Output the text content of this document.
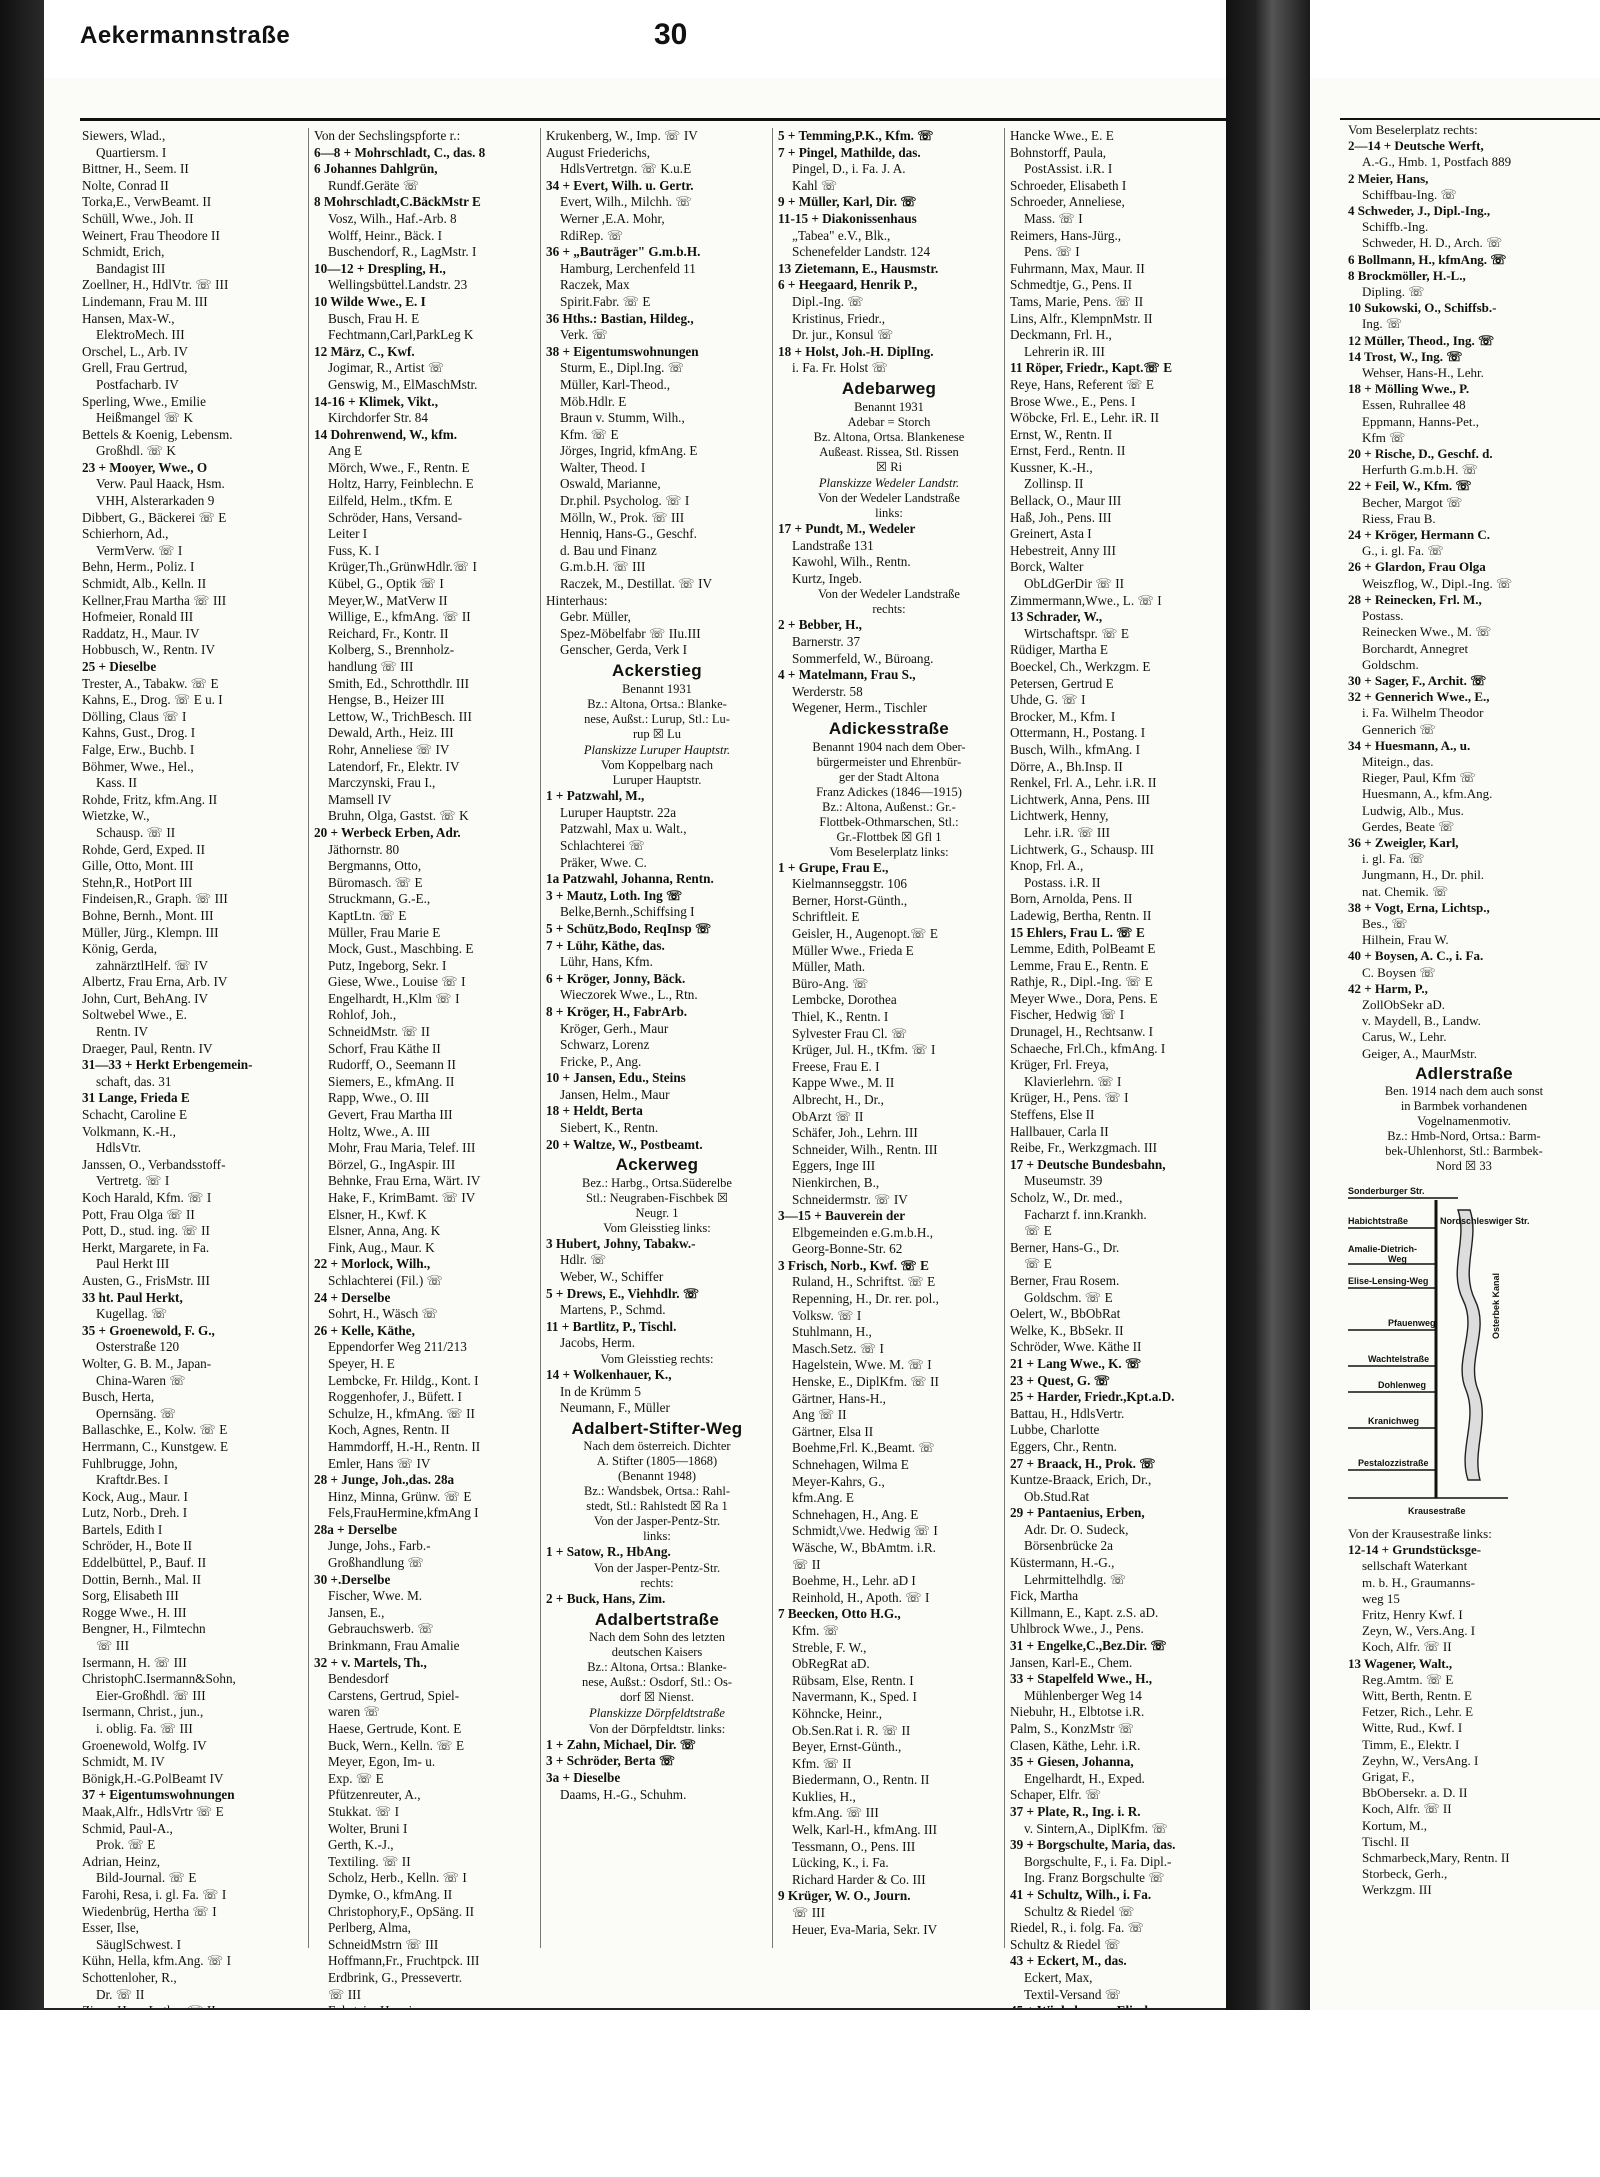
Aekermannstraße	30
Siewers, Wlad.,
Quartiersm. I
Bittner, H., Seem. II
Nolte, Conrad II
Torka,E., VerwBeamt. II
Schüll, Wwe., Joh. II
Weinert, Frau Theodore II
Schmidt, Erich,
Bandagist III
Zoellner, H., HdlVtr. ☏ III
Lindemann, Frau M. III
Hansen, Max-W.,
ElektroMech. III
Orschel, L., Arb. IV
Grell, Frau Gertrud,
Postfacharb. IV
Sperling, Wwe., Emilie
Heißmangel ☏ K
Bettels & Koenig, Lebensm.
Großhdl. ☏ K
23 + Mooyer, Wwe., O
Verw. Paul Haack, Hsm.
VHH, Alsterarkaden 9
Dibbert, G., Bäckerei ☏ E
Schierhorn, Ad.,
VermVerw. ☏ I
Behn, Herm., Poliz. I
Schmidt, Alb., Kelln. II
Kellner,Frau Martha ☏ III
Hofmeier, Ronald III
Raddatz, H., Maur. IV
Hobbusch, W., Rentn. IV
25 + Dieselbe
Trester, A., Tabakw. ☏ E
Kahns, E., Drog. ☏ E u. I
Dölling, Claus ☏ I
Kahns, Gust., Drog. I
Falge, Erw., Buchb. I
Böhmer, Wwe., Hel.,
Kass. II
Rohde, Fritz, kfm.Ang. II
Wietzke, W.,
Schausp. ☏ II
Rohde, Gerd, Exped. II
Gille, Otto, Mont. III
Stehn,R., HotPort III
Findeisen,R., Graph. ☏ III
Bohne, Bernh., Mont. III
Müller, Jürg., Klempn. III
König, Gerda,
zahnärztlHelf. ☏ IV
Albertz, Frau Erna, Arb. IV
John, Curt, BehAng. IV
Soltwebel Wwe., E.
Rentn. IV
Draeger, Paul, Rentn. IV
31—33 + Herkt Erbengemein-
schaft, das. 31
31 Lange, Frieda E
Schacht, Caroline E
Volkmann, K.-H.,
HdlsVtr.
Janssen, O., Verbandsstoff-
Vertretg. ☏ I
Koch Harald, Kfm. ☏ I
Pott, Frau Olga ☏ II
Pott, D., stud. ing. ☏ II
Herkt, Margarete, in Fa.
Paul Herkt III
Austen, G., FrisMstr. III
33 ht. Paul Herkt,
Kugellag. ☏
35 + Groenewold, F. G.,
Osterstraße 120
Wolter, G. B. M., Japan-
China-Waren ☏
Busch, Herta,
Opernsäng. ☏
Ballaschke, E., Kolw. ☏ E
Herrmann, C., Kunstgew. E
Fuhlbrugge, John,
Kraftdr.Bes. I
Kock, Aug., Maur. I
Lutz, Norb., Dreh. I
Bartels, Edith I
Schröder, H., Bote II
Eddelbüttel, P., Bauf. II
Dottin, Bernh., Mal. II
Sorg, Elisabeth III
Rogge Wwe., H. III
Bengner, H., Filmtechn
☏ III
Isermann, H. ☏ III
ChristophC.Isermann&Sohn,
Eier-Großhdl. ☏ III
Isermann, Christ., jun.,
i. oblig. Fa. ☏ III
Groenewold, Wolfg. IV
Schmidt, M. IV
Bönigk,H.-G.PolBeamt IV
37 + Eigentumswohnungen
Maak,Alfr., HdlsVrtr ☏ E
Schmid, Paul-A.,
Prok. ☏ E
Adrian, Heinz,
Bild-Journal. ☏ E
Farohi, Resa, i. gl. Fa. ☏ I
Wiedenbrüg, Hertha ☏ I
Esser, Ilse,
SäuglSchwest. I
Kühn, Hella, kfm.Ang. ☏ I
Schottenloher, R.,
Dr. ☏ II
Von der Sechslingspforte r.:
6—8 + Mohrschladt, C., das. 8
6 Johannes Dahlgrün,
Rundf.Geräte ☏
8 Mohrschladt,C.BäckMstr E
Vosz, Wilh., Haf.-Arb. 8
Wolff, Heinr., Bäck. I
Buschendorf, R., LagMstr. I
10—12 + Drespling, H.,
Wellingsbüttel.Landstr. 23
10 Wilde Wwe., E. I
Busch, Frau H. E
Fechtmann,Carl,ParkLeg K
12 März, C., Kwf.
Jogimar, R., Artist ☏
Genswig, M., ElMaschMstr.
14-16 + Klimek, Vikt.,
Kirchdorfer Str. 84
14 Dohrenwend, W., kfm.
Ang E
Mörch, Wwe., F., Rentn. E
Holtz, Harry, Feinblechn. E
Eilfeld, Helm., tKfm. E
Schröder, Hans, Versand-
Leiter I
Fuss, K. I
Krüger,Th.,GrünwHdlr.☏ I
Kübel, G., Optik ☏ I
Meyer,W., MatVerw II
Willige, E., kfmAng. ☏ II
Reichard, Fr., Kontr. II
Kolberg, S., Brennholz-
handlung ☏ III
Smith, Ed., Schrotthdlr. III
Hengse, B., Heizer III
Lettow, W., TrichBesch. III
Dewald, Arth., Heiz. III
Rohr, Anneliese ☏ IV
Latendorf, Fr., Elektr. IV
Marczynski, Frau I.,
Mamsell IV
Bruhn, Olga, Gastst. ☏ K
20 + Werbeck Erben, Adr.
Jäthornstr. 80
Bergmanns, Otto,
Büromasch. ☏ E
Struckmann, G.-E.,
KaptLtn. ☏ E
Müller, Frau Marie E
Mock, Gust., Maschbing. E
Putz, Ingeborg, Sekr. I
Giese, Wwe., Louise ☏ I
Engelhardt, H.,Klm ☏ I
Rohlof, Joh.,
SchneidMstr. ☏ II
Schorf, Frau Käthe II
Rudorff, O., Seemann II
Siemers, E., kfmAng. II
Rapp, Wwe., O. III
Gevert, Frau Martha III
Holtz, Wwe., A. III
Mohr, Frau Maria, Telef. III
Börzel, G., IngAspir. III
Behnke, Frau Erna, Wärt. IV
Hake, F., KrimBamt. ☏ IV
Elsner, H., Kwf. K
Elsner, Anna, Ang. K
Fink, Aug., Maur. K
22 + Morlock, Wilh.,
Schlachterei (Fil.) ☏
24 + Derselbe
Sohrt, H., Wäsch ☏
26 + Kelle, Käthe,
Eppendorfer Weg 211/213
Speyer, H. E
Lembcke, Fr. Hildg., Kont. I
Roggenhofer, J., Büfett. I
Schulze, H., kfmAng. ☏ II
Koch, Agnes, Rentn. II
Hammdorff, H.-H., Rentn. II
Emler, Hans ☏ IV
28 + Junge, Joh.,das. 28a
Hinz, Minna, Grünw. ☏ E
Fels,FrauHermine,kfmAng I
28a + Derselbe
Junge, Johs., Farb.-
Großhandlung ☏
30 +.Derselbe
Fischer, Wwe. M.
Jansen, E.,
Gebrauchswerb. ☏
Brinkmann, Frau Amalie
32 + v. Martels, Th.,
Bendesdorf
Carstens, Gertrud, Spiel-
waren ☏
Haese, Gertrude, Kont. E
Buck, Wern., Kelln. ☏ E
Meyer, Egon, Im- u.
Exp. ☏ E
Pfützenreuter, A.,
Stukkat. ☏ I
Wolter, Bruni I
Gerth, K.-J.,
Textiling. ☏ II
Scholz, Herb., Kelln. ☏ I
Dymke, O., kfmAng. II
Christophory,F., OpSäng. II
Perlberg, Alma,
SchneidMstrn ☏ III
Hoffmann,Fr., Fruchtpck. III
Erdbrink, G., Pressevertr.
☏ III
Krukenberg, W., Imp. ☏ IV
August Friederichs,
HdlsVertretgn. ☏ K.u.E
34 + Evert, Wilh. u. Gertr.
Evert, Wilh., Milchh. ☏
Werner ,E.A. Mohr,
RdiRep. ☏
36 + „Bauträger" G.m.b.H.
Hamburg, Lerchenfeld 11
Raczek, Max
Spirit.Fabr. ☏ E
36 Hths.: Bastian, Hildeg.,
Verk. ☏
38 + Eigentumswohnungen
Sturm, E., Dipl.Ing. ☏
Müller, Karl-Theod.,
Möb.Hdlr. E
Braun v. Stumm, Wilh.,
Kfm. ☏ E
Jörges, Ingrid, kfmAng. E
Walter, Theod. I
Oswald, Marianne,
Dr.phil. Psycholog. ☏ I
Mölln, W., Prok. ☏ III
Henniq, Hans-G., Geschf.
d. Bau und Finanz
G.m.b.H. ☏ III
Raczek, M., Destillat. ☏ IV
Hinterhaus:
Gebr. Müller,
Spez-Möbelfabr ☏ IIu.III
Genscher, Gerda, Verk I
Ackerstieg
Benannt 1931
Bz.: Altona, Ortsa.: Blanke-
nese, Außst.: Lurup, Stl.: Lu-
rup ☒ Lu
Planskizze Luruper Hauptstr.
Vom Koppelbarg nach
Luruper Hauptstr.
1 + Patzwahl, M.,
Luruper Hauptstr. 22a
Patzwahl, Max u. Walt.,
Schlachterei ☏
Präker, Wwe. C.
1a Patzwahl, Johanna, Rentn.
3 + Mautz, Loth. Ing ☏
Belke,Bernh.,Schiffsing I
5 + Schütz,Bodo, ReqInsp ☏
7 + Lühr, Käthe, das.
Lühr, Hans, Kfm.
6 + Kröger, Jonny, Bäck.
Wieczorek Wwe., L., Rtn.
8 + Kröger, H., FabrArb.
Kröger, Gerh., Maur
Schwarz, Lorenz
Fricke, P., Ang.
10 + Jansen, Edu., Steins
Jansen, Helm., Maur
18 + Heldt, Berta
Siebert, K., Rentn.
20 + Waltze, W., Postbeamt.
Ackerweg
Bez.: Harbg., Ortsa.Süderelbe
Stl.: Neugraben-Fischbek ☒
Neugr. 1
Vom Gleisstieg links:
3 Hubert, Johny, Tabakw.-
Hdlr. ☏
Weber, W., Schiffer
5 + Drews, E., Viehhdlr. ☏
Martens, P., Schmd.
11 + Bartlitz, P., Tischl.
Jacobs, Herm.
Vom Gleisstieg rechts:
14 + Wolkenhauer, K.,
In de Krümm 5
Neumann, F., Müller
Adalbert-Stifter-Weg
Nach dem österreich. Dichter
A. Stifter (1805—1868)
(Benannt 1948)
Bz.: Wandsbek, Ortsa.: Rahl-
stedt, Stl.: Rahlstedt ☒ Ra 1
Von der Jasper-Pentz-Str.
links:
1 + Satow, R., HbAng.
Von der Jasper-Pentz-Str.
rechts:
2 + Buck, Hans, Zim.
Adalbertstraße
Nach dem Sohn des letzten
deutschen Kaisers
Bz.: Altona, Ortsa.: Blanke-
nese, Außst.: Osdorf, Stl.: Os-
dorf ☒ Nienst.
Planskizze Dörpfeldtstraße
Von der Dörpfeldtstr. links:
1 + Zahn, Michael, Dir. ☏
3 + Schröder, Berta ☏
3a + Dieselbe
Daams, H.-G., Schuhm.
5 + Temming,P.K., Kfm. ☏
7 + Pingel, Mathilde, das.
Pingel, D., i. Fa. J. A.
Kahl ☏
9 + Müller, Karl, Dir. ☏
11-15 + Diakonissenhaus
„Tabea" e.V., Blk.,
Schenefelder Landstr. 124
13 Zietemann, E., Hausmstr.
6 + Heegaard, Henrik P.,
Dipl.-Ing. ☏
Kristinus, Friedr.,
Dr. jur., Konsul ☏
18 + Holst, Joh.-H. DiplIng.
i. Fa. Fr. Holst ☏
Adebarweg
Benannt 1931
Adebar = Storch
Bz. Altona, Ortsa. Blankenese
Außeast. Rissea, Stl. Rissen
☒ Ri
Planskizze Wedeler Landstr.
Von der Wedeler Landstraße
links:
17 + Pundt, M., Wedeler
Landstraße 131
Kawohl, Wilh., Rentn.
Kurtz, Ingeb.
Von der Wedeler Landstraße
rechts:
2 + Bebber, H.,
Barnerstr. 37
Sommerfeld, W., Büroang.
4 + Matelmann, Frau S.,
Werderstr. 58
Wegener, Herm., Tischler
Adickesstraße
Benannt 1904 nach dem Ober-
bürgermeister und Ehrenbür-
ger der Stadt Altona
Franz Adickes (1846—1915)
Bz.: Altona, Außenst.: Gr.-
Flottbek-Othmarschen, Stl.:
Gr.-Flottbek ☒ Gfl 1
Vom Beselerplatz links:
1 + Grupe, Frau E.,
Kielmannseggstr. 106
Berner, Horst-Günth.,
Schriftleit. E
Geisler, H., Augenopt.☏ E
Müller Wwe., Frieda E
Müller, Math.
Büro-Ang. ☏
Lembcke, Dorothea
Thiel, K., Rentn. I
Sylvester Frau Cl. ☏
Krüger, Jul. H., tKfm. ☏ I
Freese, Frau E. I
Kappe Wwe., M. II
Albrecht, H., Dr.,
ObArzt ☏ II
Schäfer, Joh., Lehrn. III
Schneider, Wilh., Rentn. III
Eggers, Inge III
Nienkirchen, B.,
Schneidermstr. ☏ IV
3—15 + Bauverein der
Elbgemeinden e.G.m.b.H.,
Georg-Bonne-Str. 62
3 Frisch, Norb., Kwf. ☏ E
Ruland, H., Schriftst. ☏ E
Repenning, H., Dr. rer. pol.,
Volksw. ☏ I
Stuhlmann, H.,
Masch.Setz. ☏ I
Hagelstein, Wwe. M. ☏ I
Henske, E., DiplKfm. ☏ II
Gärtner, Hans-H.,
Ang ☏ II
Gärtner, Elsa II
Boehme,Frl. K.,Beamt. ☏
Schnehagen, Wilma E
Meyer-Kahrs, G.,
kfm.Ang. E
Schnehagen, H., Ang. E
Schmidt,\/we. Hedwig ☏ I
Wäsche, W., BbAmtm. i.R.
☏ II
Boehme, H., Lehr. aD I
Reinhold, H., Apoth. ☏ I
7 Beecken, Otto H.G.,
Kfm. ☏
Streble, F. W.,
ObRegRat aD.
Rübsam, Else, Rentn. I
Navermann, K., Sped. I
Köhncke, Heinr.,
Ob.Sen.Rat i. R. ☏ II
Beyer, Ernst-Günth.,
Kfm. ☏ II
Biedermann, O., Rentn. II
Kuklies, H.,
kfm.Ang. ☏ III
Welk, Karl-H., kfmAng. III
Tessmann, O., Pens. III
Lücking, K., i. Fa.
Richard Harder & Co. III
9 Krüger, W. O., Journ.
☏ III
Heuer, Eva-Maria, Sekr. IV
Hancke Wwe., E. E
Bohnstorff, Paula,
PostAssist. i.R. I
Schroeder, Elisabeth I
Schroeder, Anneliese,
Mass. ☏ I
Reimers, Hans-Jürg.,
Pens. ☏ I
Fuhrmann, Max, Maur. II
Schmedtje, G., Pens. II
Tams, Marie, Pens. ☏ II
Lins, Alfr., KlempnMstr. II
Deckmann, Frl. H.,
Lehrerin iR. III
11 Röper, Friedr., Kapt.☏ E
Reye, Hans, Referent ☏ E
Brose Wwe., E., Pens. I
Wöbcke, Frl. E., Lehr. iR. II
Ernst, W., Rentn. II
Ernst, Ferd., Rentn. II
Kussner, K.-H.,
Zollinsp. II
Bellack, O., Maur III
Haß, Joh., Pens. III
Greinert, Asta I
Hebestreit, Anny III
Borck, Walter
ObLdGerDir ☏ II
Zimmermann,Wwe., L. ☏ I
13 Schrader, W.,
Wirtschaftspr. ☏ E
Rüdiger, Martha E
Boeckel, Ch., Werkzgm. E
Petersen, Gertrud E
Uhde, G. ☏ I
Brocker, M., Kfm. I
Ottermann, H., Postang. I
Busch, Wilh., kfmAng. I
Dörre, A., Bh.Insp. II
Renkel, Frl. A., Lehr. i.R. II
Lichtwerk, Anna, Pens. III
Lichtwerk, Henny,
Lehr. i.R. ☏ III
Lichtwerk, G., Schausp. III
Knop, Frl. A.,
Postass. i.R. II
Born, Arnolda, Pens. II
Ladewig, Bertha, Rentn. II
15 Ehlers, Frau L. ☏ E
Lemme, Edith, PolBeamt E
Lemme, Frau E., Rentn. E
Rathje, R., Dipl.-Ing. ☏ E
Meyer Wwe., Dora, Pens. E
Fischer, Hedwig ☏ I
Drunagel, H., Rechtsanw. I
Schaeche, Frl.Ch., kfmAng. I
Krüger, Frl. Freya,
Klavierlehrn. ☏ I
Krüger, H., Pens. ☏ I
Steffens, Else II
Hallbauer, Carla II
Reibe, Fr., Werkzgmach. III
17 + Deutsche Bundesbahn,
Museumstr. 39
Scholz, W., Dr. med.,
Facharzt f. inn.Krankh.
☏ E
Berner, Hans-G., Dr.
☏ E
Berner, Frau Rosem.
Goldschm. ☏ E
Oelert, W., BbObRat
Welke, K., BbSekr. II
Schröder, Wwe. Käthe II
21 + Lang Wwe., K. ☏
23 + Quest, G. ☏
25 + Harder, Friedr.,Kpt.a.D.
Battau, H., HdlsVertr.
Lubbe, Charlotte
Eggers, Chr., Rentn.
27 + Braack, H., Prok. ☏
Kuntze-Braack, Erich, Dr.,
Ob.Stud.Rat
29 + Pantaenius, Erben,
Adr. Dr. O. Sudeck,
Börsenbrücke 2a
Küstermann, H.-G.,
Lehrmittelhdlg. ☏
Fick, Martha
Killmann, E., Kapt. z.S. aD.
Uhlbrock Wwe., J., Pens.
31 + Engelke,C.,Bez.Dir. ☏
Jansen, Karl-E., Chem.
33 + Stapelfeld Wwe., H.,
Mühlenberger Weg 14
Niebuhr, H., Elbtotse i.R.
Palm, S., KonzMstr ☏
Clasen, Käthe, Lehr. i.R.
35 + Giesen, Johanna,
Engelhardt, H., Exped.
Schaper, Elfr. ☏
37 + Plate, R., Ing. i. R.
v. Sintern,A., DiplKfm. ☏
39 + Borgschulte, Maria, das.
Borgschulte, F., i. Fa. Dipl.-
Ing. Franz Borgschulte ☏
41 + Schultz, Wilh., i. Fa.
Schultz & Riedel ☏
Riedel, R., i. folg. Fa. ☏
Schultz & Riedel ☏
43 + Eckert, M., das.
Eckert, Max,
Textil-Versand ☏
Vom Beselerplatz rechts:
2—14 + Deutsche Werft,
A.-G., Hmb. 1, Postfach 889
2 Meier, Hans,
Schiffbau-Ing. ☏
4 Schweder, J., Dipl.-Ing.,
Schiffb.-Ing.
Schweder, H. D., Arch. ☏
6 Bollmann, H., kfmAng. ☏
8 Brockmöller, H.-L.,
Dipling. ☏
10 Sukowski, O., Schiffsb.-
Ing. ☏
12 Müller, Theod., Ing. ☏
14 Trost, W., Ing. ☏
Wehser, Hans-H., Lehr.
18 + Mölling Wwe., P.
Essen, Ruhrallee 48
Eppmann, Hanns-Pet.,
Kfm ☏
20 + Rische, D., Geschf. d.
Herfurth G.m.b.H. ☏
22 + Feil, W., Kfm. ☏
Becher, Margot ☏
Riess, Frau B.
24 + Kröger, Hermann C.
G., i. gl. Fa. ☏
26 + Glardon, Frau Olga
Weiszflog, W., Dipl.-Ing. ☏
28 + Reinecken, Frl. M.,
Postass.
Reinecken Wwe., M. ☏
Borchardt, Annegret
Goldschm.
30 + Sager, F., Archit. ☏
32 + Gennerich Wwe., E.,
i. Fa. Wilhelm Theodor
Gennerich ☏
34 + Huesmann, A., u.
Miteign., das.
Rieger, Paul, Kfm ☏
Huesmann, A., kfm.Ang.
Ludwig, Alb., Mus.
Gerdes, Beate ☏
36 + Zweigler, Karl,
i. gl. Fa. ☏
Jungmann, H., Dr. phil.
nat. Chemik. ☏
38 + Vogt, Erna, Lichtsp.,
Bes., ☏
Hilhein, Frau W.
40 + Boysen, A. C., i. Fa.
C. Boysen ☏
42 + Harm, P.,
ZollObSekr aD.
v. Maydell, B., Landw.
Carus, W., Lehr.
Geiger, A., MaurMstr.
Adlerstraße
Ben. 1914 nach dem auch sonst
in Barmbek vorhandenen
Vogelnamenmotiv.
Bz.: Hmb-Nord, Ortsa.: Barm-
bek-Uhlenhorst, Stl.: Barmbek-
Nord ☒ 33
Sonderburger Str.
Habichtstraße	Nordschleswiger Str.
Amalie-Dietrich-
Weg
Elise-Lensing-Weg	Osterbek Kanal
Pfauenweg
Wachtelstraße
Dohlenweg
Kranichweg
Pestalozzistraße
Krausestraße
Von der Krausestraße links:
12-14 + Grundstücksge-
sellschaft Waterkant
m. b. H., Graumanns-
weg 15
Fritz, Henry Kwf. I
Zeyn, W., Vers.Ang. I
Koch, Alfr. ☏ II
13 Wagener, Walt.,
Reg.Amtm. ☏ E
Witt, Berth, Rentn. E
Fetzer, Rich., Lehr. E
Witte, Rud., Kwf. I
Timm, E., Elektr. I
Zeyhn, W., VersAng. I
Grigat, F.,
BbObersekr. a. D. II
Koch, Alfr. ☏ II
Kortum, M.,
Tischl. II
Schmarbeck,Mary, Rentn. II
Storbeck, Gerh.,
Werkzgm. III
